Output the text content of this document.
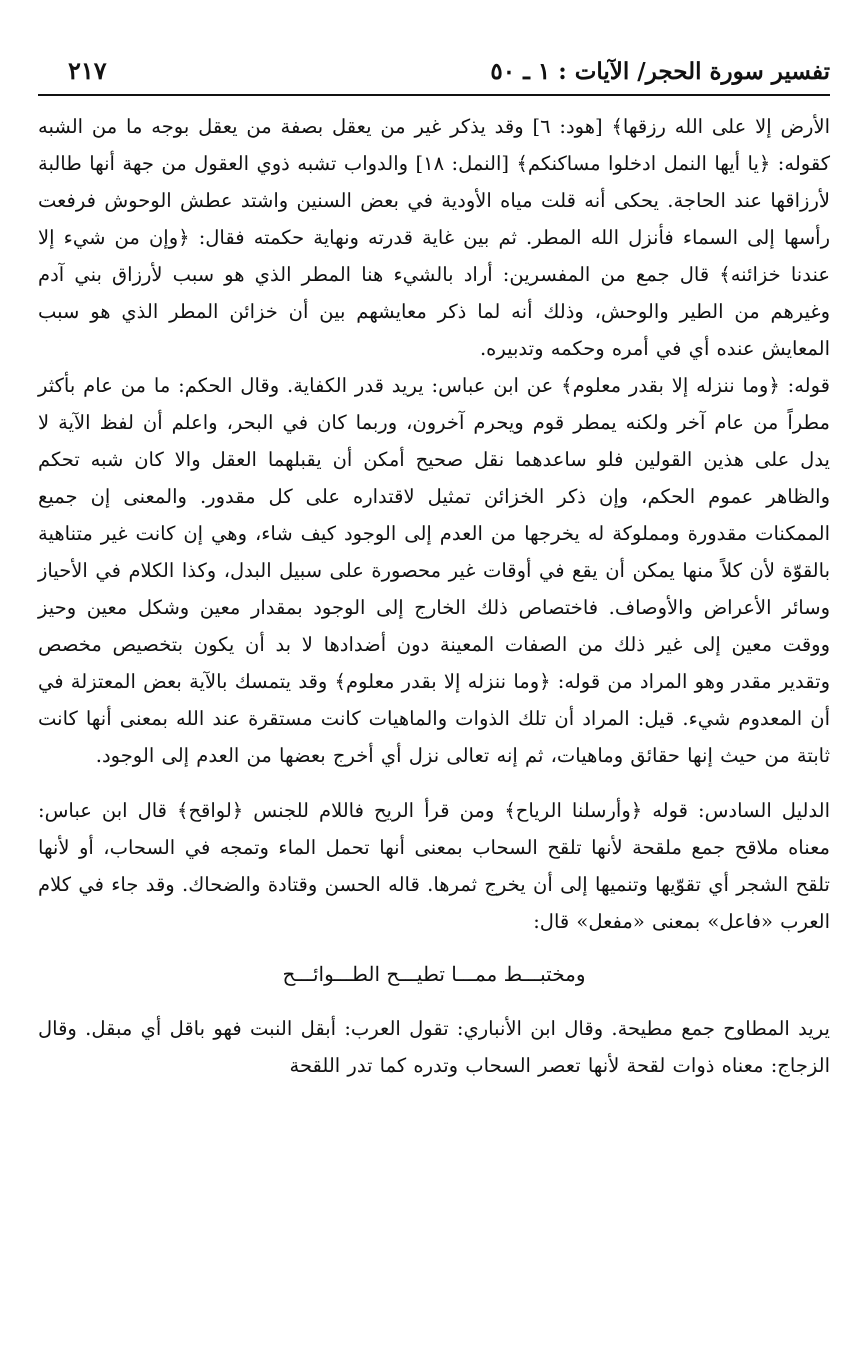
تفسير سورة الحجر/ الآيات : ١ ـ ٥٠
٢١٧

الأرض إلا على الله رزقها﴾ [هود: ٦] وقد يذكر غير من يعقل بصفة من يعقل بوجه ما من الشبه كقوله: ﴿يا أيها النمل ادخلوا مساكنكم﴾ [النمل: ١٨] والدواب تشبه ذوي العقول من جهة أنها طالبة لأرزاقها عند الحاجة. يحكى أنه قلت مياه الأودية في بعض السنين واشتد عطش الوحوش فرفعت رأسها إلى السماء فأنزل الله المطر. ثم بين غاية قدرته ونهاية حكمته فقال: ﴿وإن من شيء إلا عندنا خزائنه﴾ قال جمع من المفسرين: أراد بالشيء هنا المطر الذي هو سبب لأرزاق بني آدم وغيرهم من الطير والوحش، وذلك أنه لما ذكر معايشهم بين أن خزائن المطر الذي هو سبب المعايش عنده أي في أمره وحكمه وتدبيره.

قوله: ﴿وما ننزله إلا بقدر معلوم﴾ عن ابن عباس: يريد قدر الكفاية. وقال الحكم: ما من عام بأكثر مطراً من عام آخر ولكنه يمطر قوم ويحرم آخرون، وربما كان في البحر، واعلم أن لفظ الآية لا يدل على هذين القولين فلو ساعدهما نقل صحيح أمكن أن يقبلهما العقل والا كان شبه تحكم والظاهر عموم الحكم، وإن ذكر الخزائن تمثيل لاقتداره على كل مقدور. والمعنى إن جميع الممكنات مقدورة ومملوكة له يخرجها من العدم إلى الوجود كيف شاء، وهي إن كانت غير متناهية بالقوّة لأن كلاً منها يمكن أن يقع في أوقات غير محصورة على سبيل البدل، وكذا الكلام في الأحياز وسائر الأعراض والأوصاف. فاختصاص ذلك الخارج إلى الوجود بمقدار معين وشكل معين وحيز ووقت معين إلى غير ذلك من الصفات المعينة دون أضدادها لا بد أن يكون بتخصيص مخصص وتقدير مقدر وهو المراد من قوله: ﴿وما ننزله إلا بقدر معلوم﴾ وقد يتمسك بالآية بعض المعتزلة في أن المعدوم شيء. قيل: المراد أن تلك الذوات والماهيات كانت مستقرة عند الله بمعنى أنها كانت ثابتة من حيث إنها حقائق وماهيات، ثم إنه تعالى نزل أي أخرج بعضها من العدم إلى الوجود.

الدليل السادس: قوله ﴿وأرسلنا الرياح﴾ ومن قرأ الريح فاللام للجنس ﴿لواقح﴾ قال ابن عباس: معناه ملاقح جمع ملقحة لأنها تلقح السحاب بمعنى أنها تحمل الماء وتمجه في السحاب، أو لأنها تلقح الشجر أي تقوّيها وتنميها إلى أن يخرج ثمرها. قاله الحسن وقتادة والضحاك. وقد جاء في كلام العرب «فاعل» بمعنى «مفعل» قال:

ومختبـــط ممـــا تطيـــح الطـــوائـــح

يريد المطاوح جمع مطيحة. وقال ابن الأنباري: تقول العرب: أبقل النبت فهو باقل أي مبقل. وقال الزجاج: معناه ذوات لقحة لأنها تعصر السحاب وتدره كما تدر اللقحة
